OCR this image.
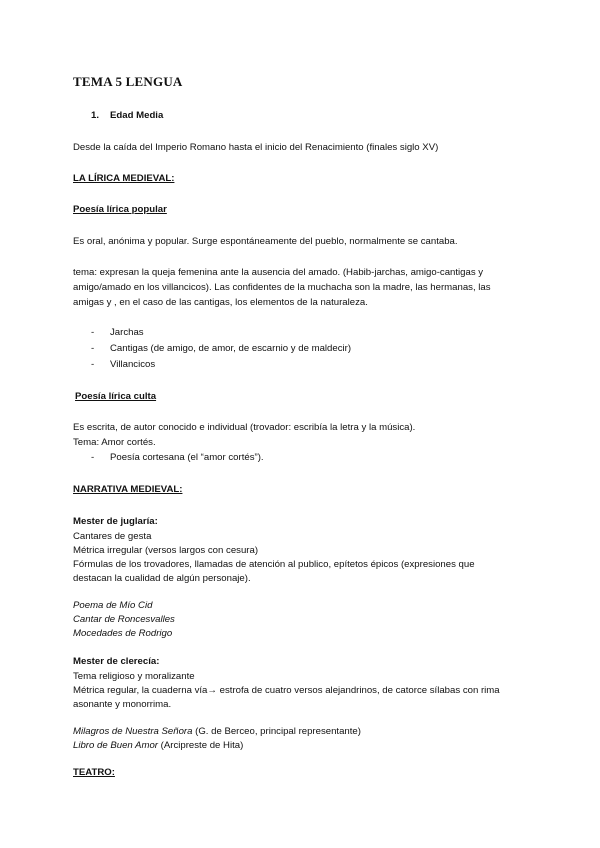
TEMA 5 LENGUA
1. Edad Media
Desde la caída del Imperio Romano hasta el inicio del Renacimiento (finales siglo XV)
LA LÍRICA MEDIEVAL:
Poesía lírica popular
Es oral, anónima y popular. Surge espontáneamente del pueblo, normalmente se cantaba.
tema: expresan la queja femenina ante la ausencia del amado. (Habib-jarchas, amigo-cantigas y
amigo/amado en los villancicos). Las confidentes de la muchacha son la madre, las hermanas, las
amigas y , en el caso de las cantigas, los elementos de la naturaleza.
- Jarchas
- Cantigas (de amigo, de amor, de escarnio y de maldecir)
- Villancicos
Poesía lírica culta
Es escrita, de autor conocido e individual (trovador: escribía la letra y la música).
Tema: Amor cortés.
- Poesía cortesana (el “amor cortés”).
NARRATIVA MEDIEVAL:
Mester de juglaría:
Cantares de gesta
Métrica irregular (versos largos con cesura)
Fórmulas de los trovadores, llamadas de atención al publico, epítetos épicos (expresiones que
destacan la cualidad de algún personaje).
Poema de Mío Cid
Cantar de Roncesvalles
Mocedades de Rodrigo
Mester de clerecía:
Tema religioso y moralizante
Métrica regular, la cuaderna vía→ estrofa de cuatro versos alejandrinos, de catorce sílabas con rima
asonante y monorrima.
Milagros de Nuestra Señora (G. de Berceo, principal representante)
Libro de Buen Amor (Arcipreste de Hita)
TEATRO:
